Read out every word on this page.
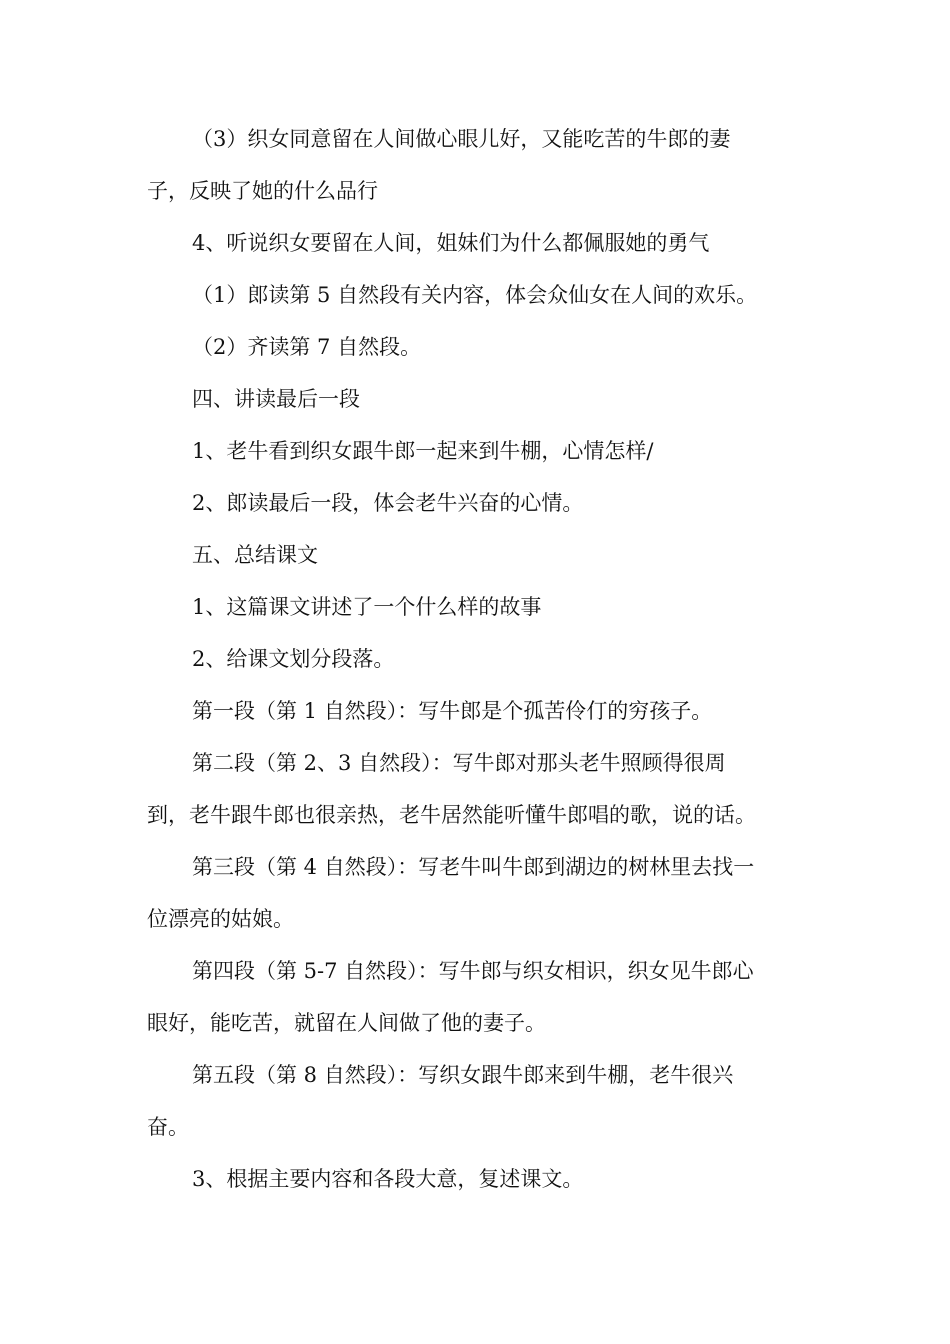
（3）织女同意留在人间做心眼儿好，又能吃苦的牛郎的妻
子，反映了她的什么品行

4、听说织女要留在人间，姐妹们为什么都佩服她的勇气

（1）郎读第 5 自然段有关内容，体会众仙女在人间的欢乐。

（2）齐读第 7 自然段。

四、讲读最后一段

1、老牛看到织女跟牛郎一起来到牛棚，心情怎样/

2、郎读最后一段，体会老牛兴奋的心情。

五、总结课文

1、这篇课文讲述了一个什么样的故事

2、给课文划分段落。

第一段（第 1 自然段）：写牛郎是个孤苦伶仃的穷孩子。

第二段（第 2、3 自然段）：写牛郎对那头老牛照顾得很周
到，老牛跟牛郎也很亲热，老牛居然能听懂牛郎唱的歌，说的话。

第三段（第 4 自然段）：写老牛叫牛郎到湖边的树林里去找一
位漂亮的姑娘。

第四段（第 5-7 自然段）：写牛郎与织女相识，织女见牛郎心
眼好，能吃苦，就留在人间做了他的妻子。

第五段（第 8 自然段）：写织女跟牛郎来到牛棚，老牛很兴
奋。

3、根据主要内容和各段大意，复述课文。
